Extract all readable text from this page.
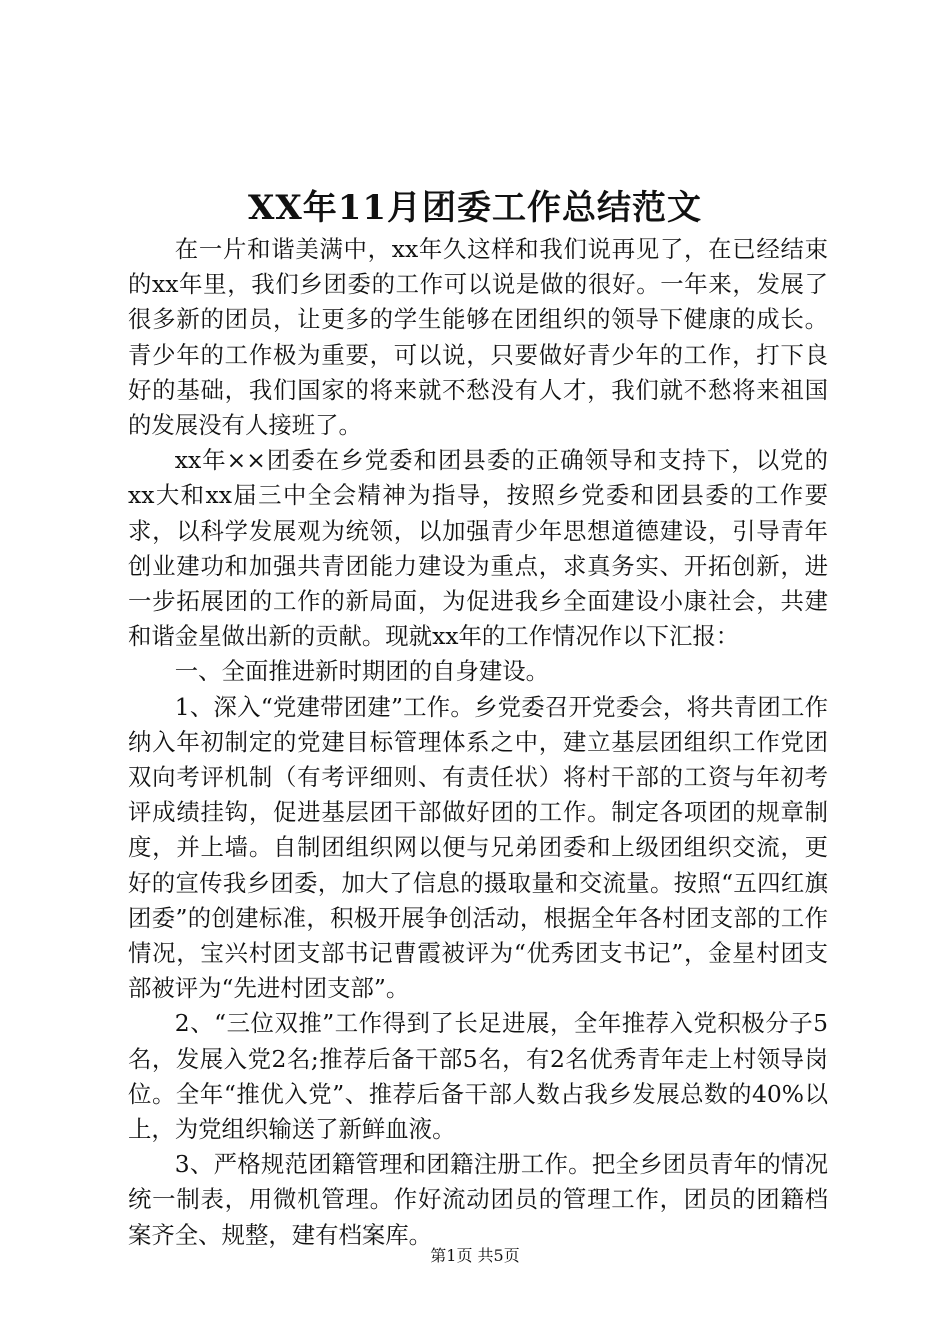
XX年11月团委工作总结范文

在一片和谐美满中，xx年久这样和我们说再见了，在已经结束的xx年里，我们乡团委的工作可以说是做的很好。一年来，发展了很多新的团员，让更多的学生能够在团组织的领导下健康的成长。青少年的工作极为重要，可以说，只要做好青少年的工作，打下良好的基础，我们国家的将来就不愁没有人才，我们就不愁将来祖国的发展没有人接班了。

xx年××团委在乡党委和团县委的正确领导和支持下，以党的xx大和xx届三中全会精神为指导，按照乡党委和团县委的工作要求，以科学发展观为统领，以加强青少年思想道德建设，引导青年创业建功和加强共青团能力建设为重点，求真务实、开拓创新，进一步拓展团的工作的新局面，为促进我乡全面建设小康社会，共建和谐金星做出新的贡献。现就xx年的工作情况作以下汇报：

一、全面推进新时期团的自身建设。

1、深入“党建带团建”工作。乡党委召开党委会，将共青团工作纳入年初制定的党建目标管理体系之中，建立基层团组织工作党团双向考评机制（有考评细则、有责任状）将村干部的工资与年初考评成绩挂钩，促进基层团干部做好团的工作。制定各项团的规章制度，并上墙。自制团组织网以便与兄弟团委和上级团组织交流，更好的宣传我乡团委，加大了信息的摄取量和交流量。按照“五四红旗团委”的创建标准，积极开展争创活动，根据全年各村团支部的工作情况，宝兴村团支部书记曹霞被评为“优秀团支书记”，金星村团支部被评为“先进村团支部”。

2、“三位双推”工作得到了长足进展，全年推荐入党积极分子5名，发展入党2名;推荐后备干部5名，有2名优秀青年走上村领导岗位。全年“推优入党”、推荐后备干部人数占我乡发展总数的40%以上，为党组织输送了新鲜血液。

3、严格规范团籍管理和团籍注册工作。把全乡团员青年的情况统一制表，用微机管理。作好流动团员的管理工作，团员的团籍档案齐全、规整，建有档案库。

第1页 共5页
